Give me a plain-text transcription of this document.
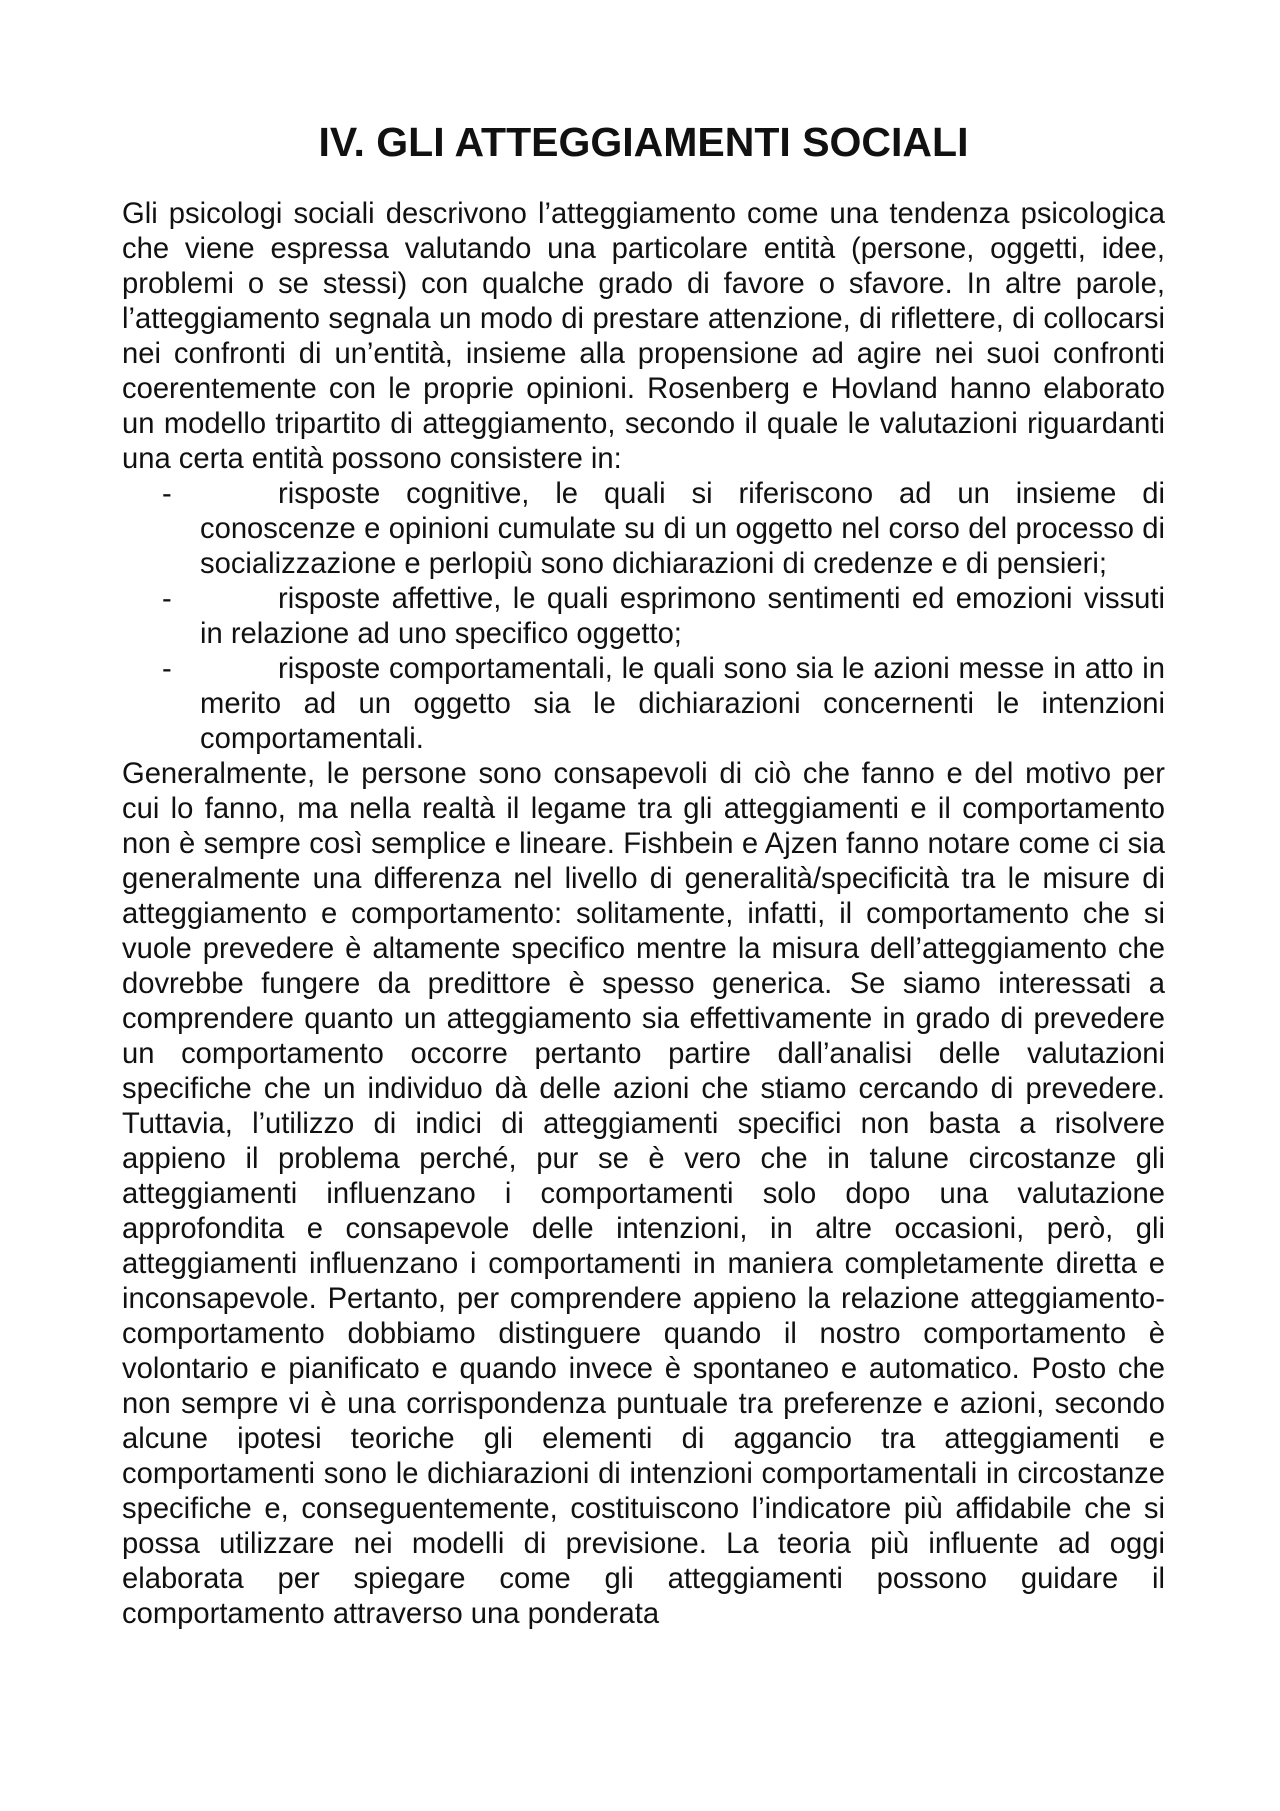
IV. GLI ATTEGGIAMENTI SOCIALI

Gli psicologi sociali descrivono l’atteggiamento come una tendenza psicologica che viene espressa valutando una particolare entità (persone, oggetti, idee, problemi o se stessi) con qualche grado di favore o sfavore. In altre parole, l’atteggiamento segnala un modo di prestare attenzione, di riflettere, di collocarsi nei confronti di un’entità, insieme alla propensione ad agire nei suoi confronti coerentemente con le proprie opinioni. Rosenberg e Hovland hanno elaborato un modello tripartito di atteggiamento, secondo il quale le valutazioni riguardanti una certa entità possono consistere in:

-	risposte cognitive, le quali si riferiscono ad un insieme di conoscenze e opinioni cumulate su di un oggetto nel corso del processo di socializzazione e perlopiù sono dichiarazioni di credenze e di pensieri;
-	risposte affettive, le quali esprimono sentimenti ed emozioni vissuti in relazione ad uno specifico oggetto;
-	risposte comportamentali, le quali sono sia le azioni messe in atto in merito ad un oggetto sia le dichiarazioni concernenti le intenzioni comportamentali.

Generalmente, le persone sono consapevoli di ciò che fanno e del motivo per cui lo fanno, ma nella realtà il legame tra gli atteggiamenti e il comportamento non è sempre così semplice e lineare. Fishbein e Ajzen fanno notare come ci sia generalmente una differenza nel livello di generalità/specificità tra le misure di atteggiamento e comportamento: solitamente, infatti, il comportamento che si vuole prevedere è altamente specifico mentre la misura dell’atteggiamento che dovrebbe fungere da predittore è spesso generica. Se siamo interessati a comprendere quanto un atteggiamento sia effettivamente in grado di prevedere un comportamento occorre pertanto partire dall’analisi delle valutazioni specifiche che un individuo dà delle azioni che stiamo cercando di prevedere. Tuttavia, l’utilizzo di indici di atteggiamenti specifici non basta a risolvere appieno il problema perché, pur se è vero che in talune circostanze gli atteggiamenti influenzano i comportamenti solo dopo una valutazione approfondita e consapevole delle intenzioni, in altre occasioni, però, gli atteggiamenti influenzano i comportamenti in maniera completamente diretta e inconsapevole. Pertanto, per comprendere appieno la relazione atteggiamento-comportamento dobbiamo distinguere quando il nostro comportamento è volontario e pianificato e quando invece è spontaneo e automatico. Posto che non sempre vi è una corrispondenza puntuale tra preferenze e azioni, secondo alcune ipotesi teoriche gli elementi di aggancio tra atteggiamenti e comportamenti sono le dichiarazioni di intenzioni comportamentali in circostanze specifiche e, conseguentemente, costituiscono l’indicatore più affidabile che si possa utilizzare nei modelli di previsione. La teoria più influente ad oggi elaborata per spiegare come gli atteggiamenti possono guidare il comportamento attraverso una ponderata
